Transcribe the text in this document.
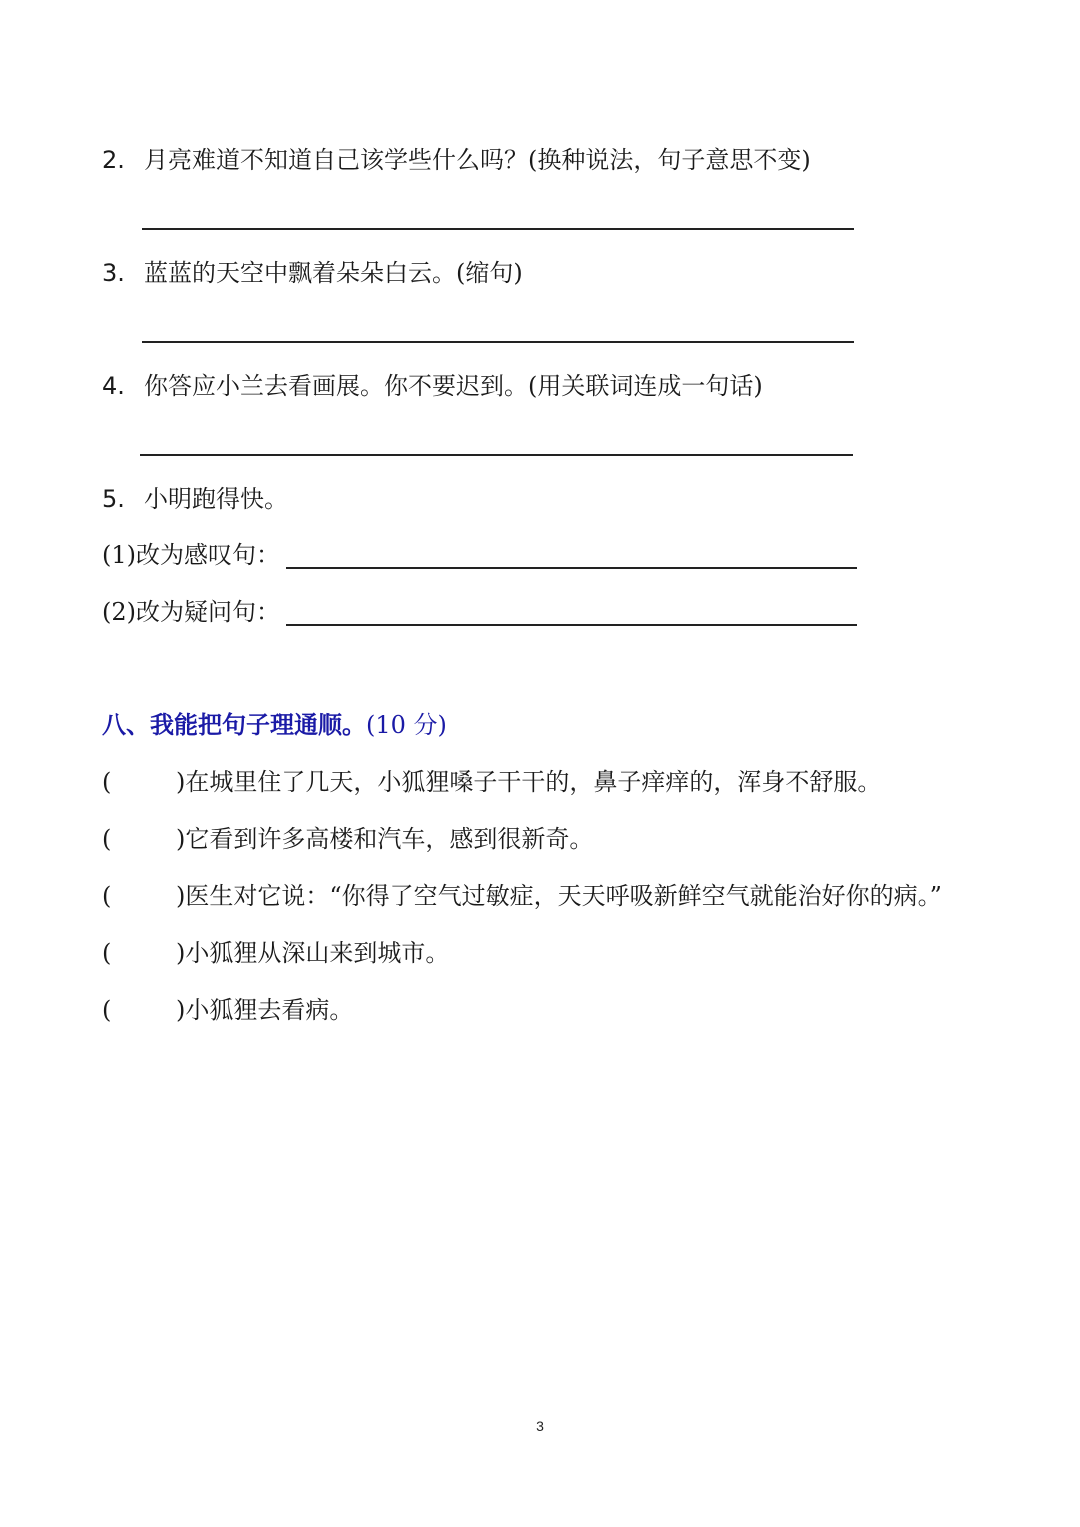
2. 月亮难道不知道自己该学些什么吗？(换种说法，句子意思不变)
3. 蓝蓝的天空中飘着朵朵白云。(缩句)
4. 你答应小兰去看画展。你不要迟到。(用关联词连成一句话)
5. 小明跑得快。
(1)改为感叹句：
(2)改为疑问句：
八、我能把句子理通顺。(10 分)
(	)在城里住了几天，小狐狸嗓子干干的，鼻子痒痒的，浑身不舒服。
(	)它看到许多高楼和汽车，感到很新奇。
(	)医生对它说：“你得了空气过敏症，天天呼吸新鲜空气就能治好你的病。”
(	)小狐狸从深山来到城市。
(	)小狐狸去看病。
3
